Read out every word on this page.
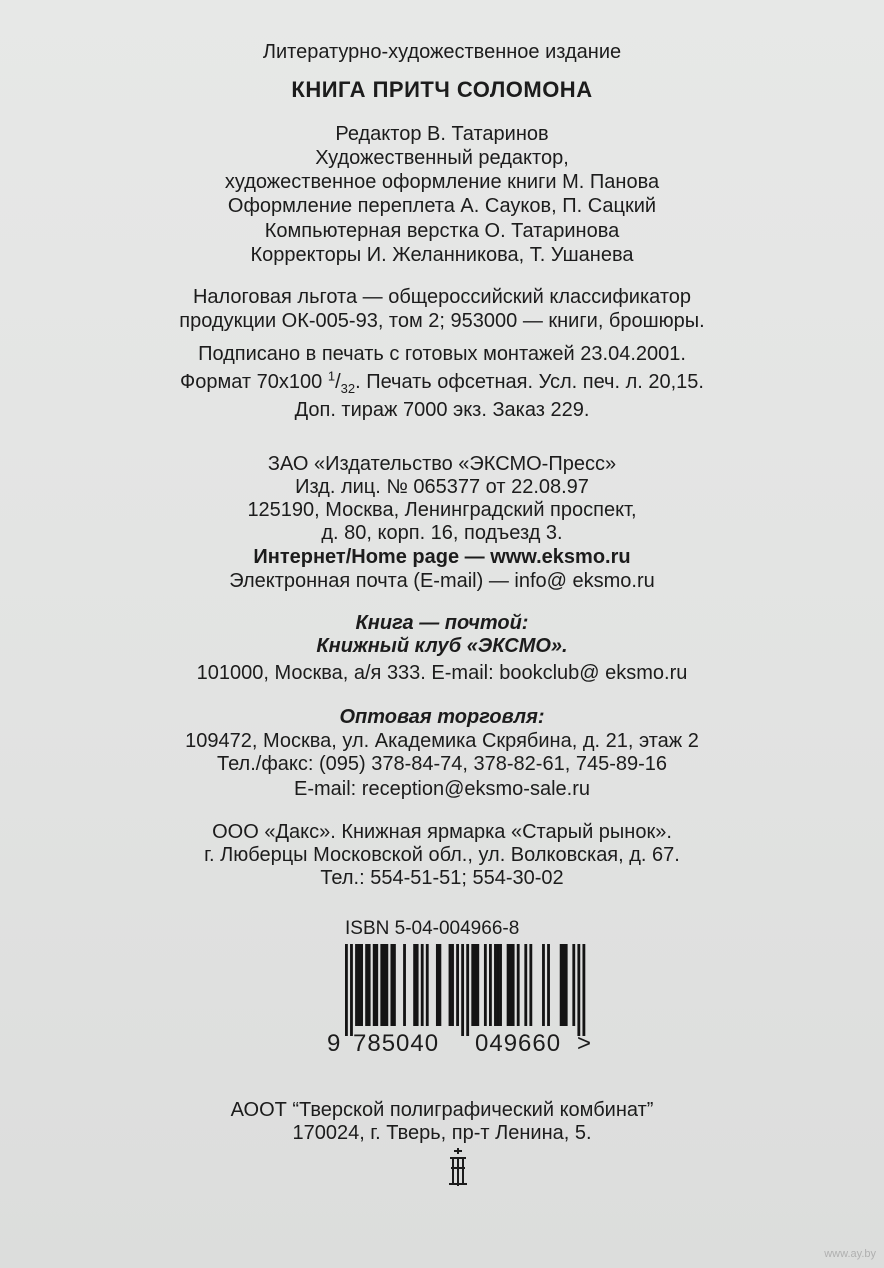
Литературно-художественное издание
КНИГА ПРИТЧ СОЛОМОНА
Редактор В. Татаринов
Художественный редактор,
художественное оформление книги М. Панова
Оформление переплета А. Сауков, П. Сацкий
Компьютерная верстка О. Татаринова
Корректоры И. Желанникова, Т. Ушанева
Налоговая льгота — общероссийский классификатор
продукции ОК-005-93, том 2; 953000 — книги, брошюры.
Подписано в печать с готовых монтажей 23.04.2001.
Формат 70х100 $^1/_{32}$. Печать офсетная. Усл. печ. л. 20,15.
Доп. тираж 7000 экз. Заказ 229.
ЗАО «Издательство «ЭКСМО-Пресс»
Изд. лиц. № 065377 от 22.08.97
125190, Москва, Ленинградский проспект,
д. 80, корп. 16, подъезд 3.
Интернет/Home page — www.eksmo.ru
Электронная почта (E-mail) — info@ eksmo.ru
Книга — почтой:
Книжный клуб «ЭКСМО».
101000, Москва, а/я 333. E-mail: bookclub@ eksmo.ru
Оптовая торговля:
109472, Москва, ул. Академика Скрябина, д. 21, этаж 2
Тел./факс: (095) 378-84-74, 378-82-61, 745-89-16
E-mail: reception@eksmo-sale.ru
ООО «Дакс». Книжная ярмарка «Старый рынок».
г. Люберцы Московской обл., ул. Волковская, д. 67.
Тел.: 554-51-51; 554-30-02
ISBN 5-04-004966-8
9 785040 049660 >
АООТ “Тверской полиграфический комбинат”
170024, г. Тверь, пр-т Ленина, 5.
www.ay.by
